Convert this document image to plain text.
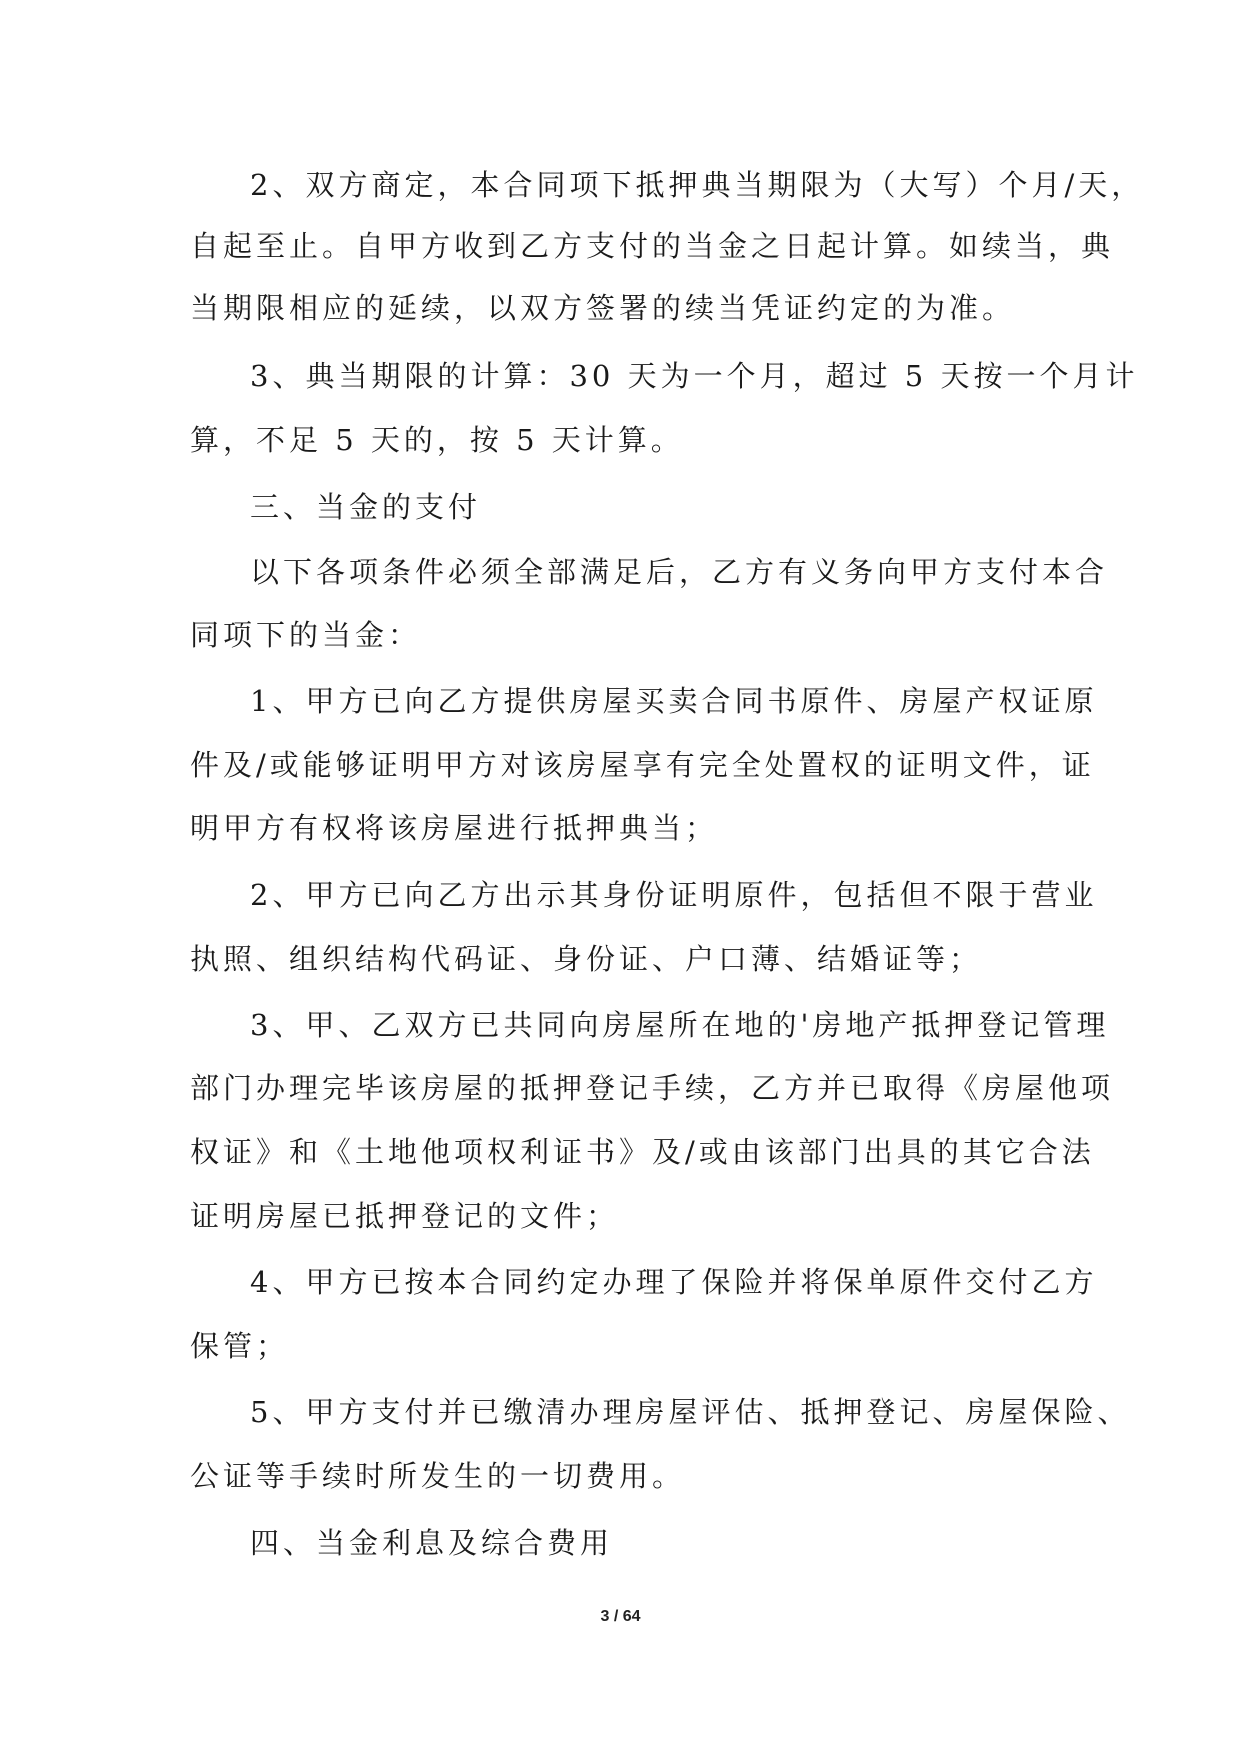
2、双方商定，本合同项下抵押典当期限为（大写）个月/天，
自起至止。自甲方收到乙方支付的当金之日起计算。如续当，典
当期限相应的延续，以双方签署的续当凭证约定的为准。
3、典当期限的计算：30 天为一个月，超过 5 天按一个月计
算，不足 5 天的，按 5 天计算。
三、当金的支付
以下各项条件必须全部满足后，乙方有义务向甲方支付本合
同项下的当金：
1、甲方已向乙方提供房屋买卖合同书原件、房屋产权证原
件及/或能够证明甲方对该房屋享有完全处置权的证明文件，证
明甲方有权将该房屋进行抵押典当；
2、甲方已向乙方出示其身份证明原件，包括但不限于营业
执照、组织结构代码证、身份证、户口薄、结婚证等；
3、甲、乙双方已共同向房屋所在地的'房地产抵押登记管理
部门办理完毕该房屋的抵押登记手续，乙方并已取得《房屋他项
权证》和《土地他项权利证书》及/或由该部门出具的其它合法
证明房屋已抵押登记的文件；
4、甲方已按本合同约定办理了保险并将保单原件交付乙方
保管；
5、甲方支付并已缴清办理房屋评估、抵押登记、房屋保险、
公证等手续时所发生的一切费用。
四、当金利息及综合费用
3 / 64
